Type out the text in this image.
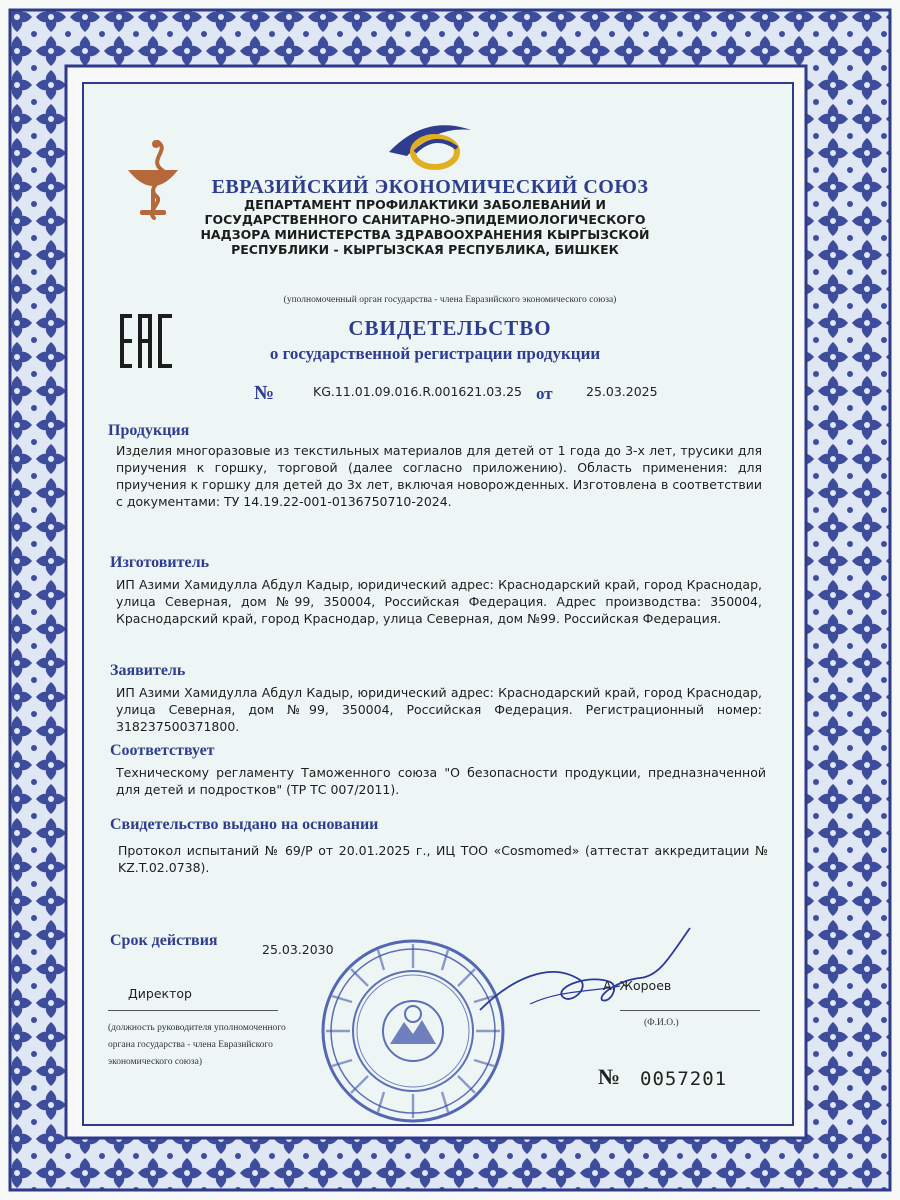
ЕВРАЗИЙСКИЙ ЭКОНОМИЧЕСКИЙ СОЮЗ
ДЕПАРТАМЕНТ ПРОФИЛАКТИКИ ЗАБОЛЕВАНИЙ И
ГОСУДАРСТВЕННОГО САНИТАРНО-ЭПИДЕМИОЛОГИЧЕСКОГО
НАДЗОРА МИНИСТЕРСТВА ЗДРАВООХРАНЕНИЯ КЫРГЫЗСКОЙ
РЕСПУБЛИКИ - КЫРГЫЗСКАЯ РЕСПУБЛИКА, БИШКЕК
(уполномоченный орган государства - члена Евразийского экономического союза)
СВИДЕТЕЛЬСТВО
о государственной регистрации продукции
№	KG.11.01.09.016.R.001621.03.25 от	25.03.2025
Продукция
Изделия многоразовые из текстильных материалов для детей от 1 года до 3-х лет, трусики для приучения к горшку, торговой (далее согласно приложению). Область применения: для приучения к горшку для детей до 3х лет, включая новорожденных. Изготовлена в соответствии с документами: ТУ 14.19.22-001-0136750710-2024.
Изготовитель
ИП Азими Хамидулла Абдул Кадыр, юридический адрес: Краснодарский край, город Краснодар, улица Северная, дом №99, 350004, Российская Федерация. Адрес производства: 350004, Краснодарский край, город Краснодар, улица Северная, дом №99. Российская Федерация.
Заявитель
ИП Азими Хамидулла Абдул Кадыр, юридический адрес: Краснодарский край, город Краснодар, улица Северная, дом №99, 350004, Российская Федерация. Регистрационный номер: 318237500371800.
Соответствует
Техническому регламенту Таможенного союза "О безопасности продукции, предназначенной для детей и подростков" (ТР ТС 007/2011).
Свидетельство выдано на основании
Протокол испытаний № 69/Р от 20.01.2025 г., ИЦ ТОО «Cosmomed» (аттестат аккредитации № KZ.T.02.0738).
Срок действия
25.03.2030
Директор
(должность руководителя уполномоченного органа государства - члена Евразийского экономического союза)
А. Жороев
(Ф.И.О.)
№ 0057201
